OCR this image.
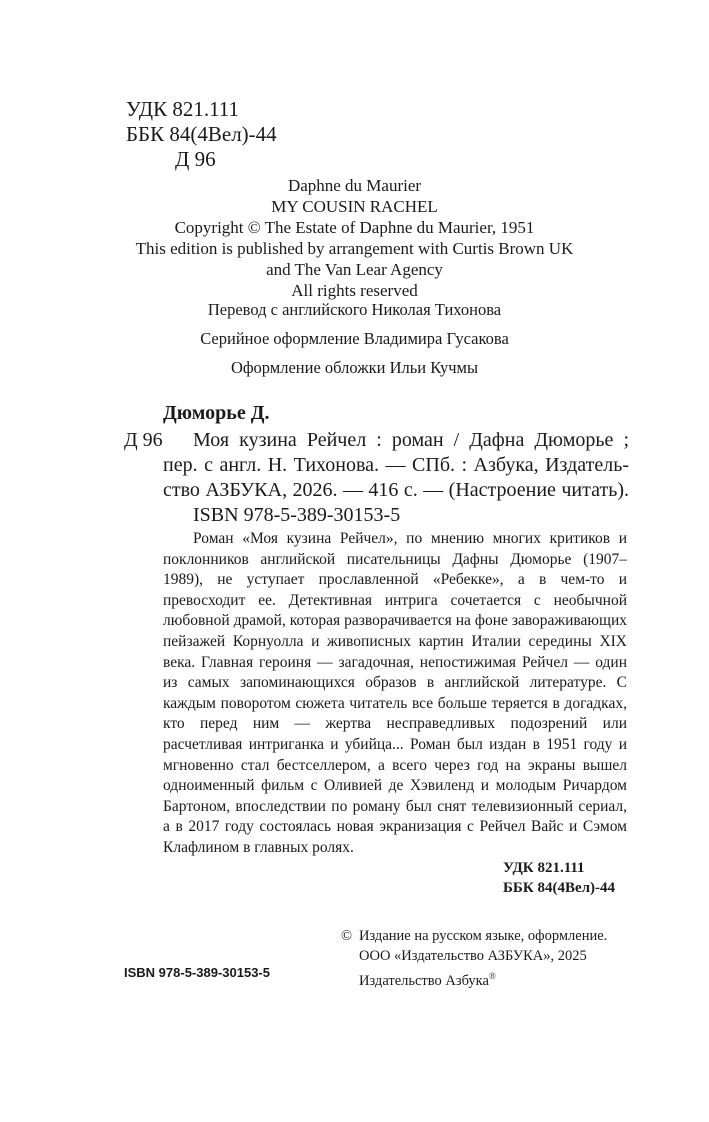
УДК 821.111
ББК 84(4Вел)-44
Д 96
Daphne du Maurier
MY COUSIN RACHEL
Copyright © The Estate of Daphne du Maurier, 1951
This edition is published by arrangement with Curtis Brown UK
and The Van Lear Agency
All rights reserved
Перевод с английского Николая Тихонова
Серийное оформление Владимира Гусакова
Оформление обложки Ильи Кучмы
Дюморье Д.
Д 96 Моя кузина Рейчел : роман / Дафна Дюморье ;
пер. с англ. Н. Тихонова. — СПб. : Азбука, Издатель-
ство АЗБУКА, 2026. — 416 с. — (Настроение читать).
ISBN 978-5-389-30153-5

Роман «Моя кузина Рейчел», по мнению многих критиков и поклонников английской писательницы Дафны Дюморье (1907–1989), не уступает прославленной «Ребекке», а в чем-то и превосходит ее. Детективная интрига сочетается с необычной любовной драмой, которая разворачивается на фоне завораживающих пейзажей Корнуолла и живописных картин Италии середины XIX века. Главная героиня — загадочная, непостижимая Рейчел — один из самых запоминающихся образов в английской литературе. С каждым поворотом сюжета читатель все больше теряется в догадках, кто перед ним — жертва несправедливых подозрений или расчетливая интриганка и убийца... Роман был издан в 1951 году и мгновенно стал бестселлером, а всего через год на экраны вышел одноименный фильм с Оливией де Хэвиленд и молодым Ричардом Бартоном, впоследствии по роману был снят телевизионный сериал, а в 2017 году состоялась новая экранизация с Рейчел Вайс и Сэмом Клафлином в главных ролях.

УДК 821.111
ББК 84(4Вел)-44
© Издание на русском языке, оформление.
ООО «Издательство АЗБУКА», 2025
Издательство Азбука®
ISBN 978-5-389-30153-5
